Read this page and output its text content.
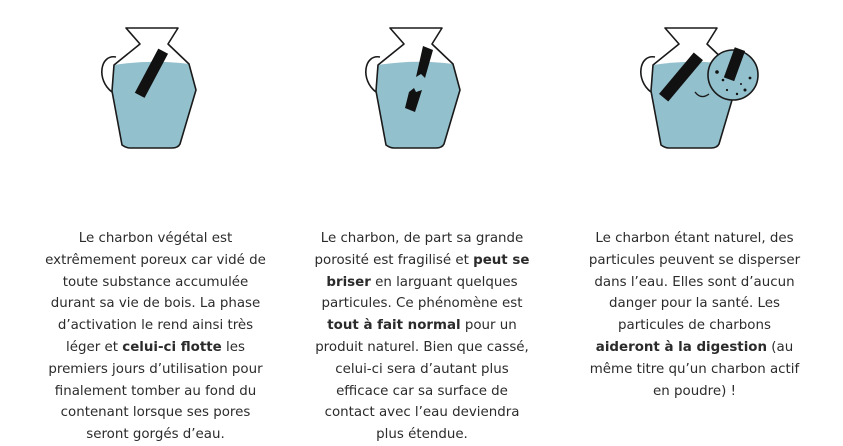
Le charbon végétal est extrêmement poreux car vidé de toute substance accumulée durant sa vie de bois. La phase d’activation le rend ainsi très léger et celui-ci flotte les premiers jours d’utilisation pour finalement tomber au fond du contenant lorsque ses pores seront gorgés d’eau.
Le charbon, de part sa grande porosité est fragilisé et peut se briser en larguant quelques particules. Ce phénomène est tout à fait normal pour un produit naturel. Bien que cassé, celui-ci sera d’autant plus efficace car sa surface de contact avec l’eau deviendra plus étendue.
Le charbon étant naturel, des particules peuvent se disperser dans l’eau. Elles sont d’aucun danger pour la santé. Les particules de charbons aideront à la digestion (au même titre qu’un charbon actif en poudre) !
